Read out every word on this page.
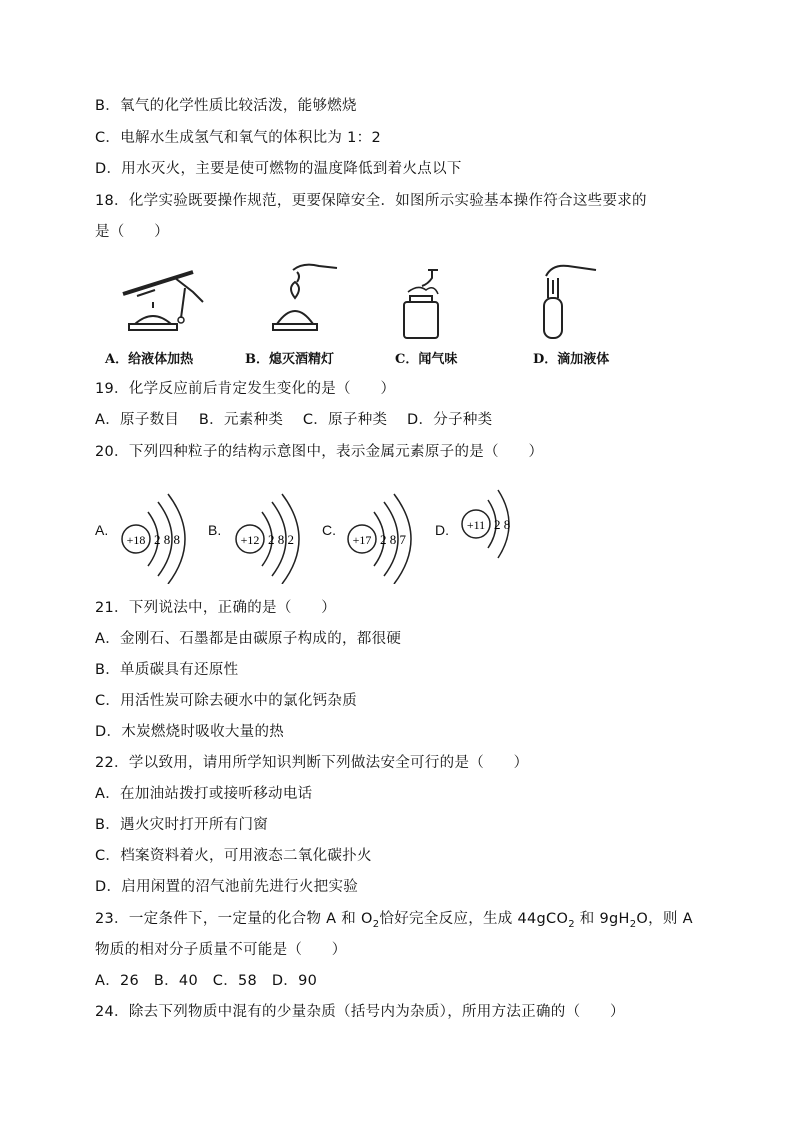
B．氧气的化学性质比较活泼，能够燃烧
C．电解水生成氢气和氧气的体积比为 1：2
D．用水灭火，主要是使可燃物的温度降低到着火点以下
18．化学实验既要操作规范，更要保障安全．如图所示实验基本操作符合这些要求的
是（　　）
A．给液体加热	B．熄灭酒精灯	C．闻气味	D．滴加液体
19．化学反应前后肯定发生变化的是（　　）
A．原子数目　 B．元素种类　 C．原子种类　 D．分子种类
20．下列四种粒子的结构示意图中，表示金属元素原子的是（　　）
A.
+18 2 8 8
B.
+12 2 8 2
C.
+17 2 8 7
D. +11 2 8
21．下列说法中，正确的是（　　）
A．金刚石、石墨都是由碳原子构成的，都很硬
B．单质碳具有还原性
C．用活性炭可除去硬水中的氯化钙杂质
D．木炭燃烧时吸收大量的热
22．学以致用，请用所学知识判断下列做法安全可行的是（　　）
A．在加油站拨打或接听移动电话
B．遇火灾时打开所有门窗
C．档案资料着火，可用液态二氧化碳扑火
D．启用闲置的沼气池前先进行火把实验
23．一定条件下，一定量的化合物 A 和 $O_2$恰好完全反应，生成 44gCO$_2$ 和 $9gH_2O$，则 A
物质的相对分子质量不可能是（　　）
A．26　B．40　C．58　D．90
24．除去下列物质中混有的少量杂质（括号内为杂质），所用方法正确的（　　）
